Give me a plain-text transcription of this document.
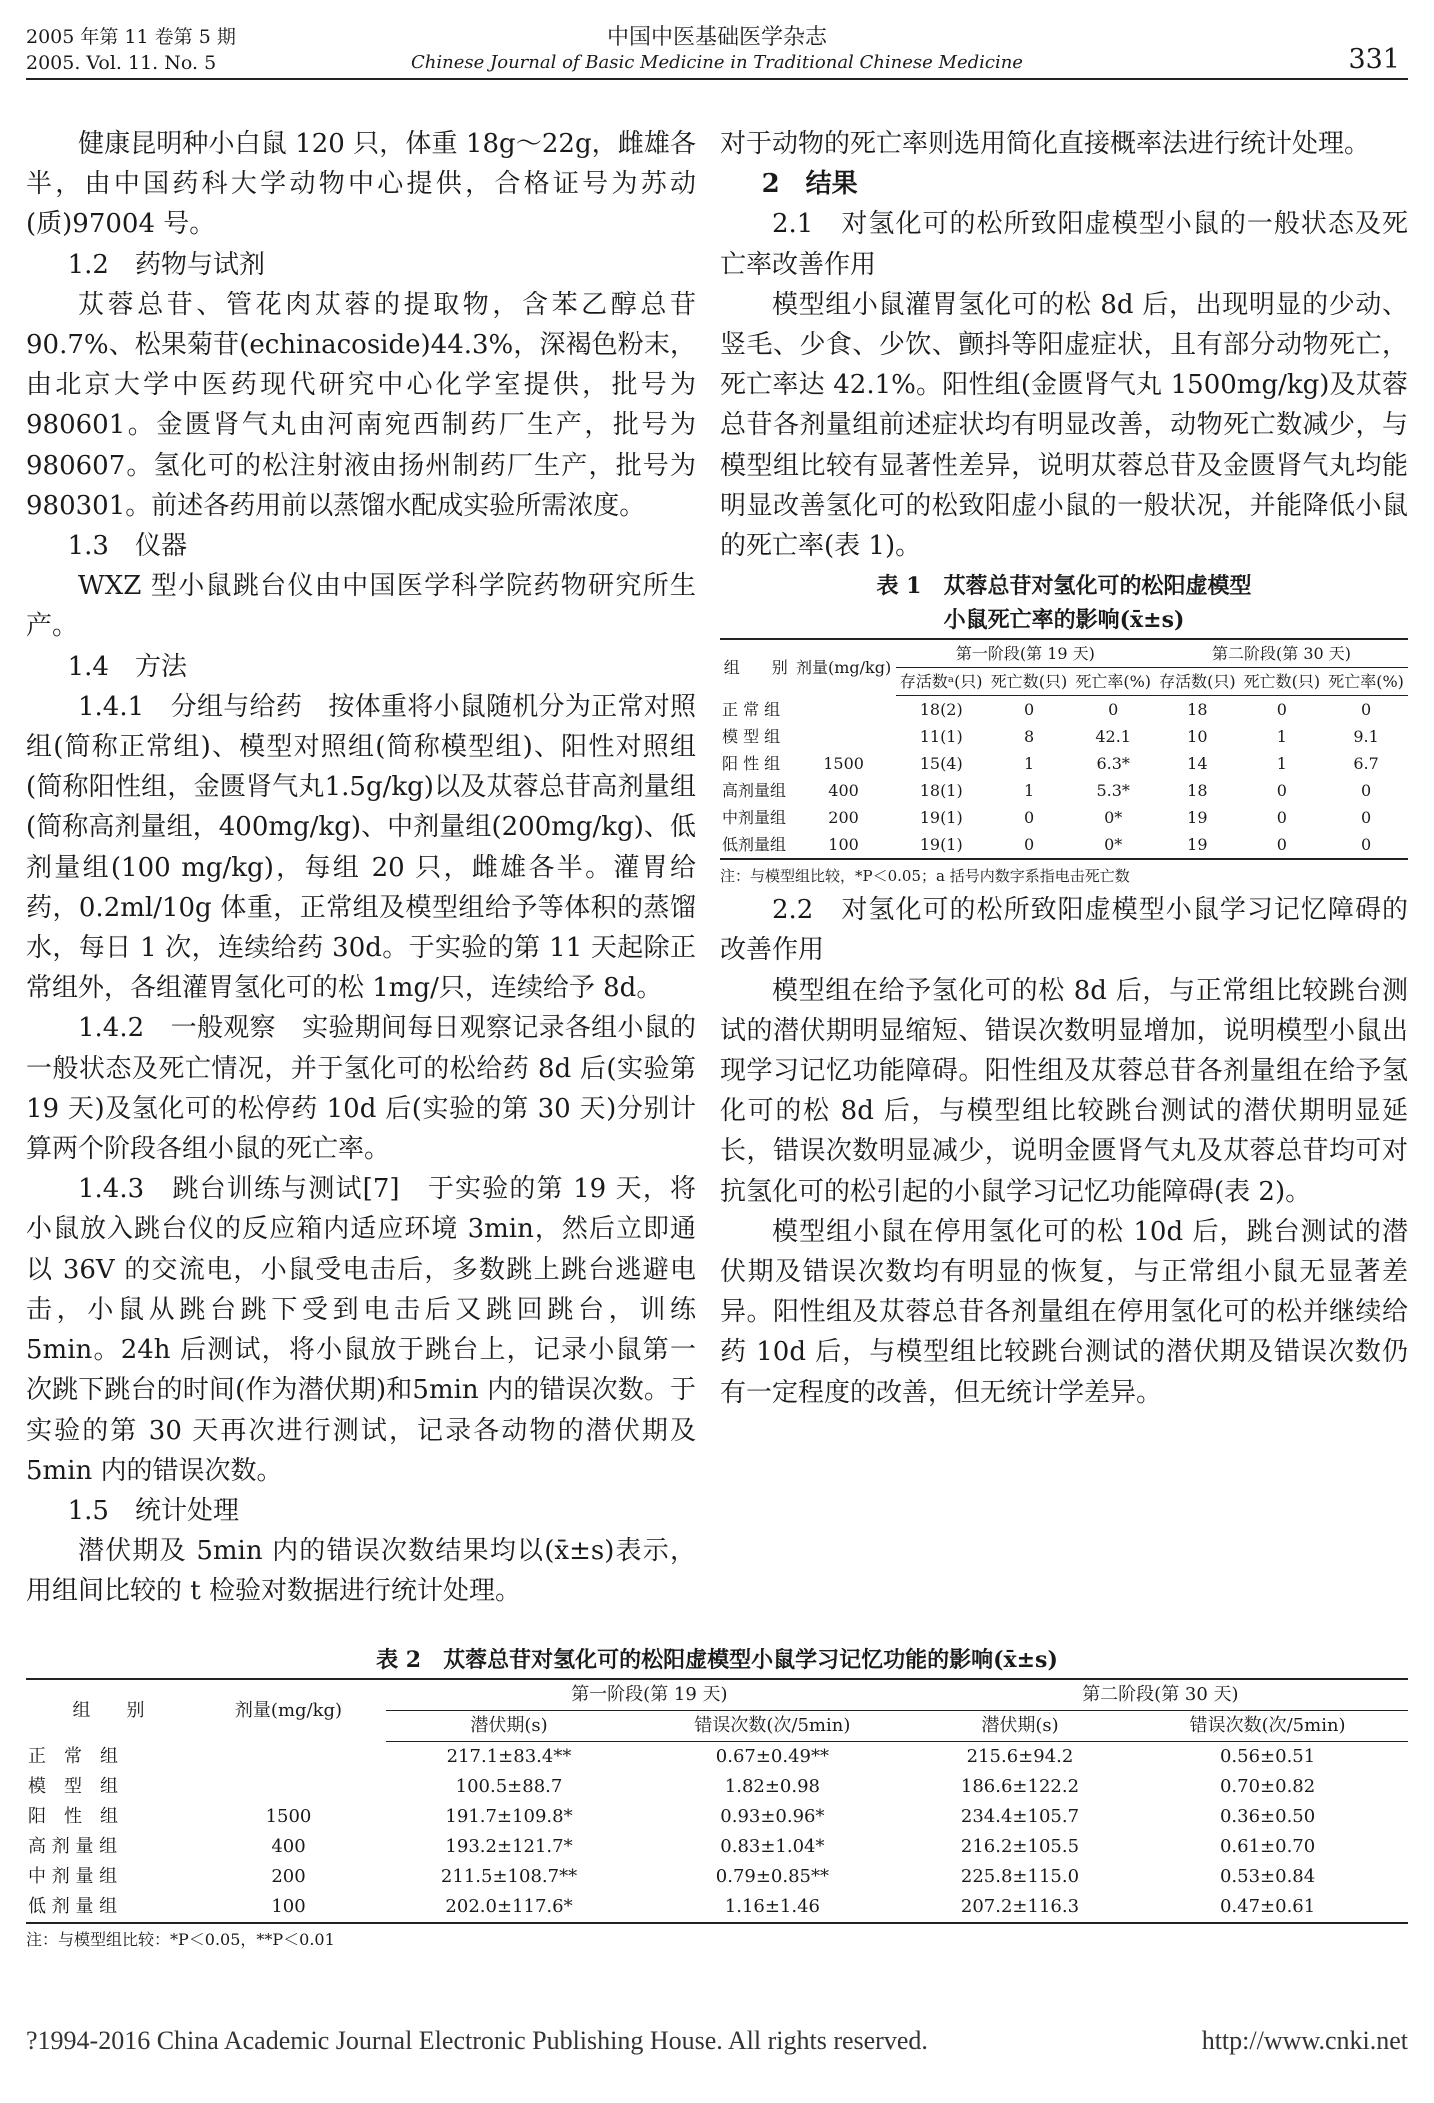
2005 年第 11 卷第 5 期
2005. Vol. 11. No. 5
中国中医基础医学杂志
Chinese Journal of Basic Medicine in Traditional Chinese Medicine	331

健康昆明种小白鼠 120 只，体重 18g～22g，雌雄各半，由中国药科大学动物中心提供，合格证号为苏动(质)97004 号。

1.2　药物与试剂

苁蓉总苷、管花肉苁蓉的提取物，含苯乙醇总苷 90.7%、松果菊苷(echinacoside)44.3%，深褐色粉末，由北京大学中医药现代研究中心化学室提供，批号为 980601。金匮肾气丸由河南宛西制药厂生产，批号为 980607。氢化可的松注射液由扬州制药厂生产，批号为 980301。前述各药用前以蒸馏水配成实验所需浓度。

1.3　仪器

WXZ 型小鼠跳台仪由中国医学科学院药物研究所生产。

1.4　方法

1.4.1　分组与给药　按体重将小鼠随机分为正常对照组(简称正常组)、模型对照组(简称模型组)、阳性对照组(简称阳性组，金匮肾气丸1.5g/kg)以及苁蓉总苷高剂量组(简称高剂量组，400mg/kg)、中剂量组(200mg/kg)、低剂量组(100 mg/kg)，每组 20 只，雌雄各半。灌胃给药，0.2ml/10g 体重，正常组及模型组给予等体积的蒸馏水，每日 1 次，连续给药 30d。于实验的第 11 天起除正常组外，各组灌胃氢化可的松 1mg/只，连续给予 8d。

1.4.2　一般观察　实验期间每日观察记录各组小鼠的一般状态及死亡情况，并于氢化可的松给药 8d 后(实验第 19 天)及氢化可的松停药 10d 后(实验的第 30 天)分别计算两个阶段各组小鼠的死亡率。

1.4.3　跳台训练与测试[7]　于实验的第 19 天，将小鼠放入跳台仪的反应箱内适应环境 3min，然后立即通以 36V 的交流电，小鼠受电击后，多数跳上跳台逃避电击，小鼠从跳台跳下受到电击后又跳回跳台，训练 5min。24h 后测试，将小鼠放于跳台上，记录小鼠第一次跳下跳台的时间(作为潜伏期)和5min 内的错误次数。于实验的第 30 天再次进行测试，记录各动物的潜伏期及 5min 内的错误次数。

1.5　统计处理

潜伏期及 5min 内的错误次数结果均以(x̄±s)表示，用组间比较的 t 检验对数据进行统计处理。

对于动物的死亡率则选用简化直接概率法进行统计处理。

2　结果

2.1　对氢化可的松所致阳虚模型小鼠的一般状态及死亡率改善作用

模型组小鼠灌胃氢化可的松 8d 后，出现明显的少动、竖毛、少食、少饮、颤抖等阳虚症状，且有部分动物死亡，死亡率达 42.1%。阳性组(金匮肾气丸 1500mg/kg)及苁蓉总苷各剂量组前述症状均有明显改善，动物死亡数减少，与模型组比较有显著性差异，说明苁蓉总苷及金匮肾气丸均能明显改善氢化可的松致阳虚小鼠的一般状况，并能降低小鼠的死亡率(表 1)。

表 1　苁蓉总苷对氢化可的松阳虚模型
小鼠死亡率的影响(x̄±s)
组　　别	剂量(mg/kg)	第一阶段(第 19 天)			第二阶段(第 30 天)		
		存活数ᵃ(只)	死亡数(只)	死亡率(%)	存活数(只)	死亡数(只)	死亡率(%)
正 常 组		18(2)	0	0	18	0	0
模 型 组		11(1)	8	42.1	10	1	9.1
阳 性 组	1500	15(4)	1	6.3*	14	1	6.7
高剂量组	400	18(1)	1	5.3*	18	0	0
中剂量组	200	19(1)	0	0*	19	0	0
低剂量组	100	19(1)	0	0*	19	0	0
注：与模型组比较，*P＜0.05；a 括号内数字系指电击死亡数

2.2　对氢化可的松所致阳虚模型小鼠学习记忆障碍的改善作用

模型组在给予氢化可的松 8d 后，与正常组比较跳台测试的潜伏期明显缩短、错误次数明显增加，说明模型小鼠出现学习记忆功能障碍。阳性组及苁蓉总苷各剂量组在给予氢化可的松 8d 后，与模型组比较跳台测试的潜伏期明显延长，错误次数明显减少，说明金匮肾气丸及苁蓉总苷均可对抗氢化可的松引起的小鼠学习记忆功能障碍(表 2)。

模型组小鼠在停用氢化可的松 10d 后，跳台测试的潜伏期及错误次数均有明显的恢复，与正常组小鼠无显著差异。阳性组及苁蓉总苷各剂量组在停用氢化可的松并继续给药 10d 后，与模型组比较跳台测试的潜伏期及错误次数仍有一定程度的改善，但无统计学差异。

表 2　苁蓉总苷对氢化可的松阳虚模型小鼠学习记忆功能的影响(x̄±s)
组　　别	剂量(mg/kg)	第一阶段(第 19 天)		第二阶段(第 30 天)	
		潜伏期(s)	错误次数(次/5min)	潜伏期(s)	错误次数(次/5min)
正　常　组		217.1±83.4**	0.67±0.49**	215.6±94.2	0.56±0.51
模　型　组		100.5±88.7	1.82±0.98	186.6±122.2	0.70±0.82
阳　性　组	1500	191.7±109.8*	0.93±0.96*	234.4±105.7	0.36±0.50
高 剂 量 组	400	193.2±121.7*	0.83±1.04*	216.2±105.5	0.61±0.70
中 剂 量 组	200	211.5±108.7**	0.79±0.85**	225.8±115.0	0.53±0.84
低 剂 量 组	100	202.0±117.6*	1.16±1.46	207.2±116.3	0.47±0.61
注：与模型组比较：*P＜0.05，**P＜0.01
?1994-2016 China Academic Journal Electronic Publishing House. All rights reserved.	http://www.cnki.net
